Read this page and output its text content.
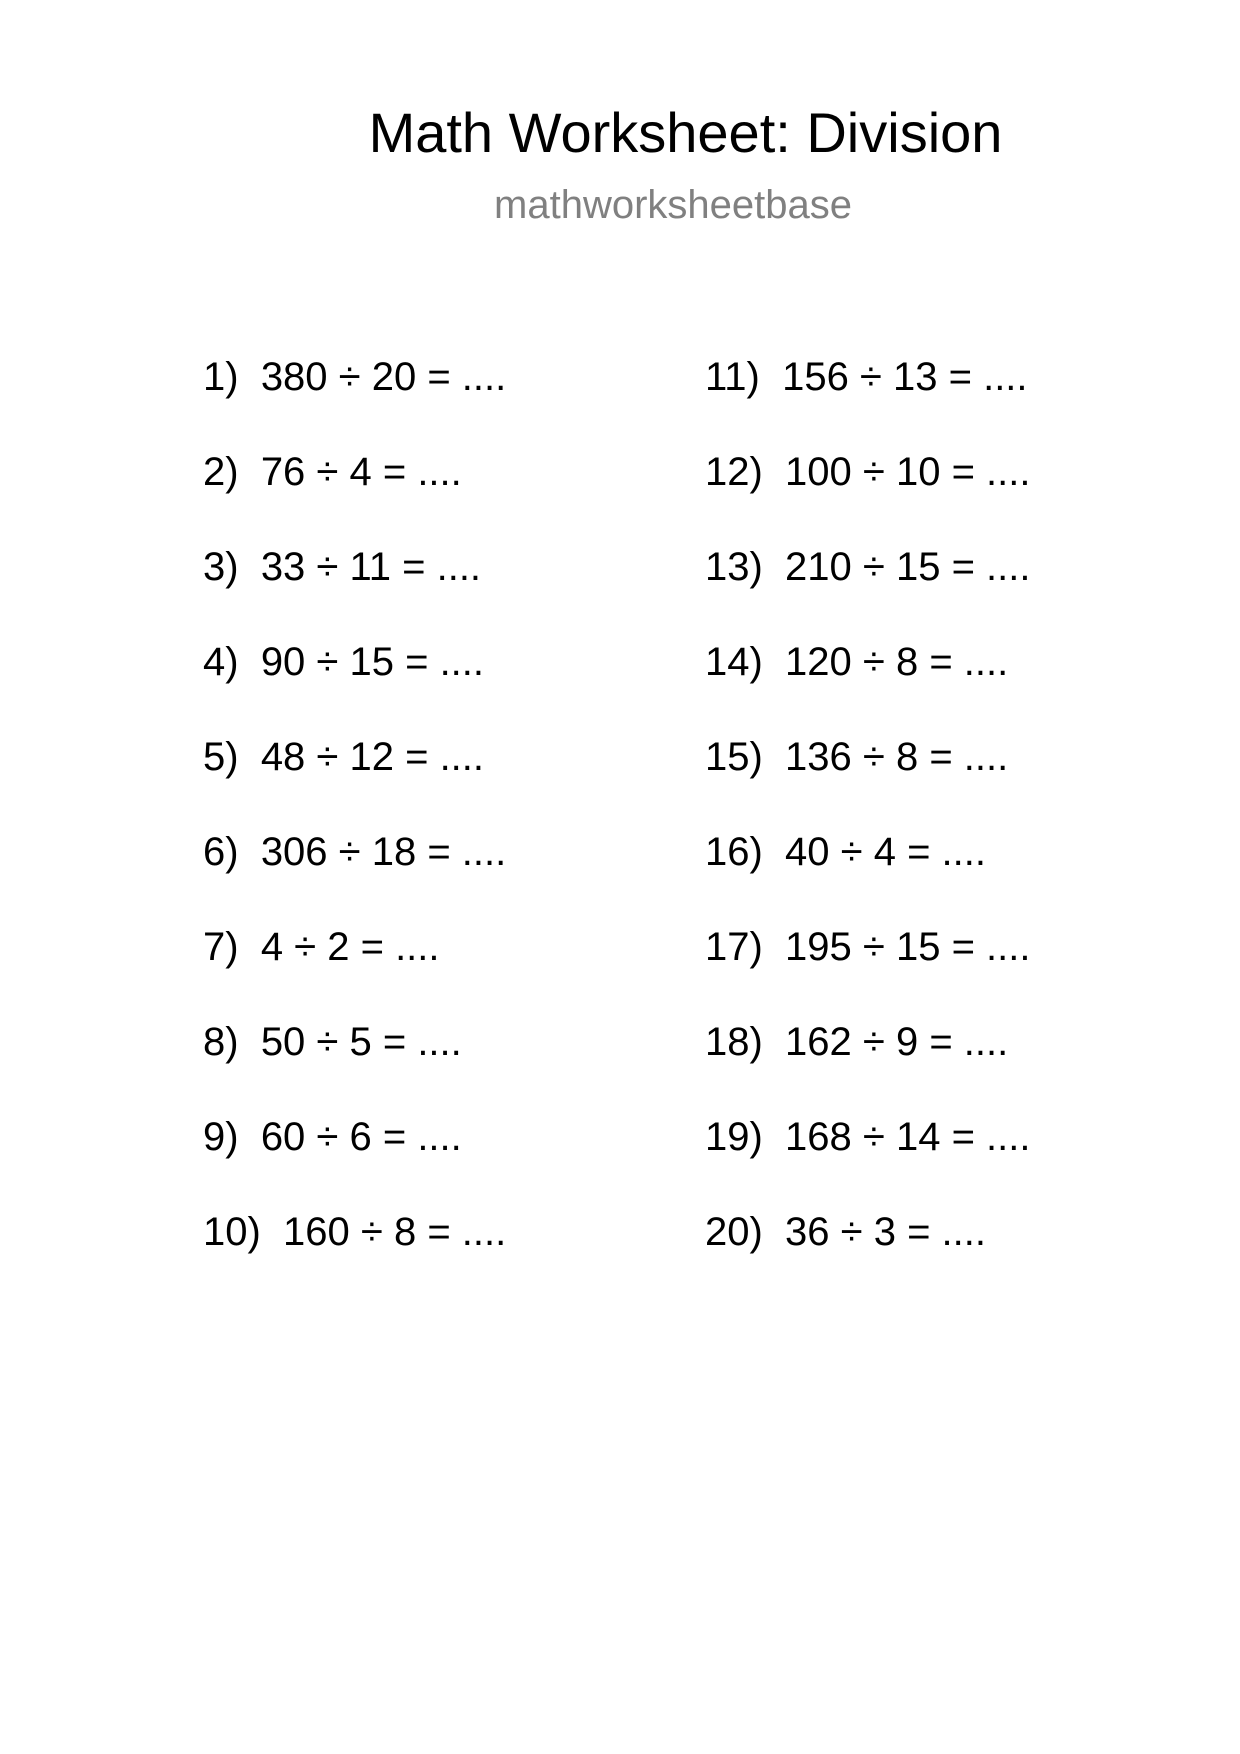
Math Worksheet: Division
mathworksheetbase
1) 380 ÷ 20 = ....
2) 76 ÷ 4 = ....
3) 33 ÷ 11 = ....
4) 90 ÷ 15 = ....
5) 48 ÷ 12 = ....
6) 306 ÷ 18 = ....
7) 4 ÷ 2 = ....
8) 50 ÷ 5 = ....
9) 60 ÷ 6 = ....
10) 160 ÷ 8 = ....
11) 156 ÷ 13 = ....
12) 100 ÷ 10 = ....
13) 210 ÷ 15 = ....
14) 120 ÷ 8 = ....
15) 136 ÷ 8 = ....
16) 40 ÷ 4 = ....
17) 195 ÷ 15 = ....
18) 162 ÷ 9 = ....
19) 168 ÷ 14 = ....
20) 36 ÷ 3 = ....
